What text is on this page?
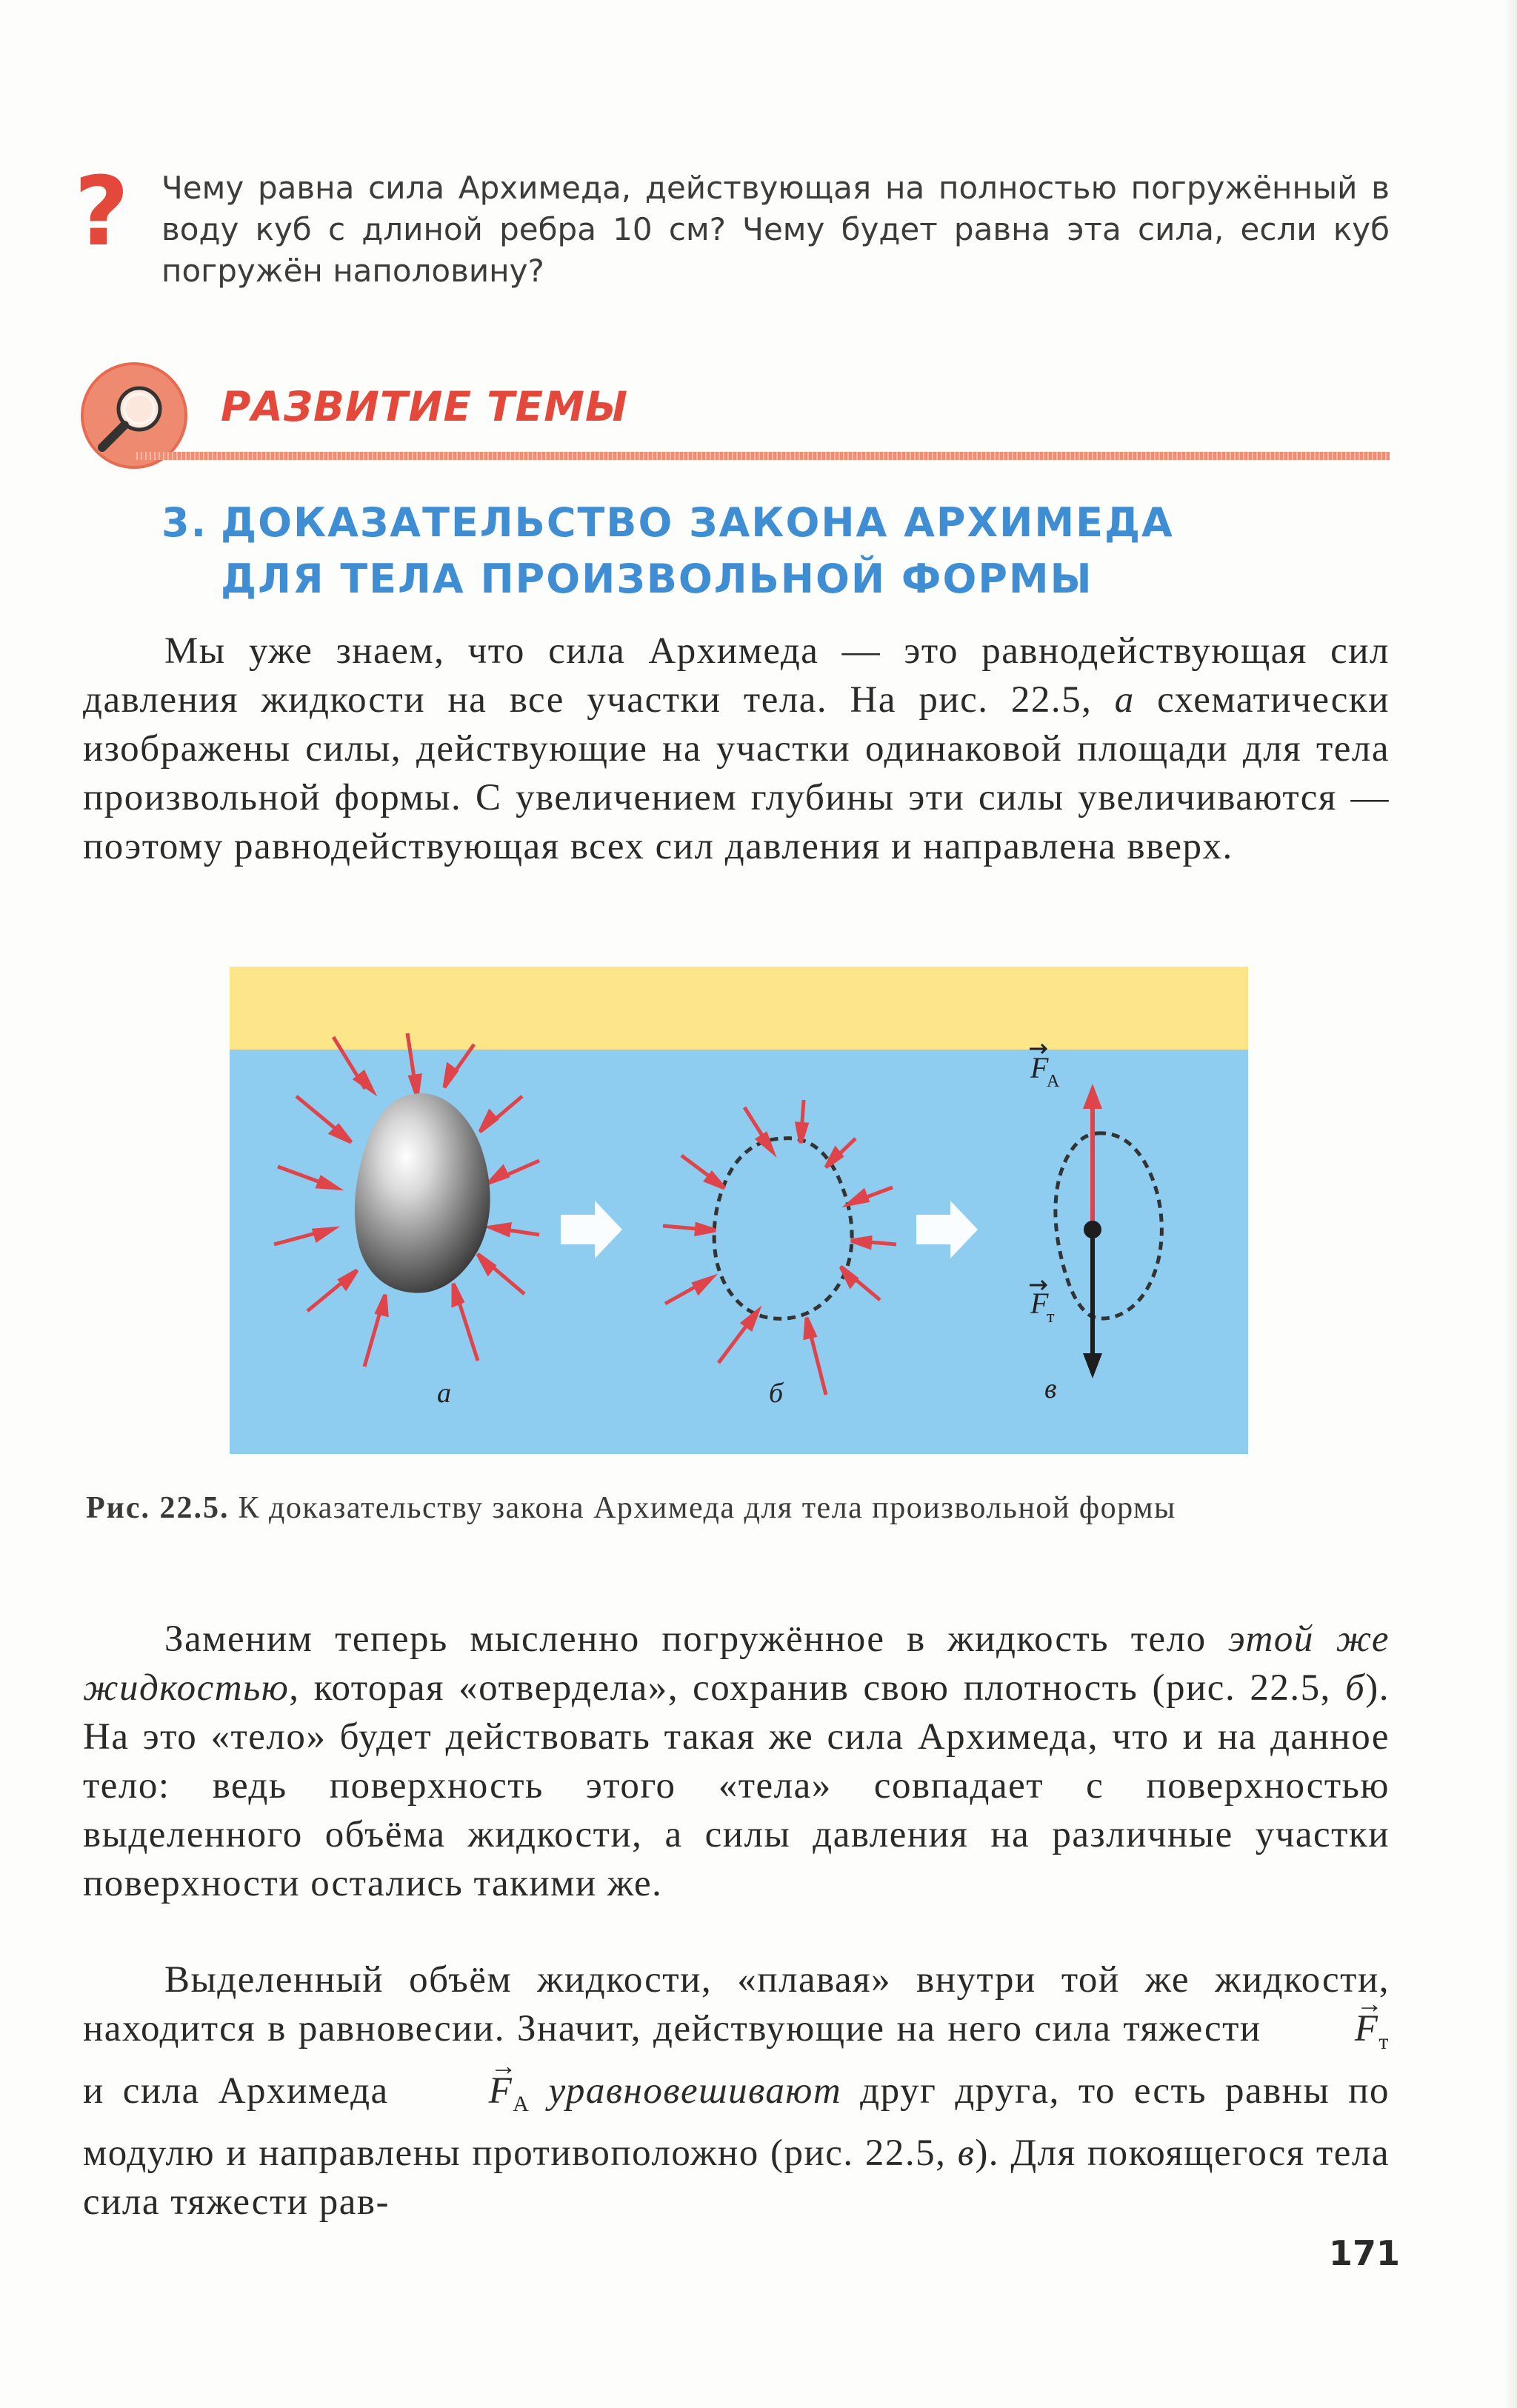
? Чему равна сила Архимеда, действующая на полностью погружённый в воду куб с длиной ребра 10 см? Чему будет равна эта сила, если куб погружён наполовину?
РАЗВИТИЕ ТЕМЫ
3. ДОКАЗАТЕЛЬСТВО ЗАКОНА АРХИМЕДА
ДЛЯ ТЕЛА ПРОИЗВОЛЬНОЙ ФОРМЫ

Мы уже знаем, что сила Архимеда — это равнодействующая сил давления жидкости на все участки тела. На рис. 22.5, а схематически изображены силы, действующие на участки одинаковой площади для тела произвольной формы. С увеличением глубины эти силы увеличиваются — поэтому равнодействующая всех сил давления и направлена вверх.

F
А
F
т
а	б	в
Рис. 22.5. К доказательству закона Архимеда для тела произвольной формы

Заменим теперь мысленно погружённое в жидкость тело этой же жидкостью, которая «отвердела», сохранив свою плотность (рис. 22.5, б). На это «тело» будет действовать такая же сила Архимеда, что и на данное тело: ведь поверхность этого «тела» совпадает с поверхностью выделенного объёма жидкости, а силы давления на различные участки поверхности остались такими же.

Выделенный объём жидкости, «плавая» внутри той же жидкости, находится в равновесии. Значит, действующие на него сила тяжести → $F_т$ и сила Архимеда → $F_А$ уравновешивают друг друга, то есть равны по модулю и направлены противоположно (рис. 22.5, в). Для покоящегося тела сила тяжести рав-

171
